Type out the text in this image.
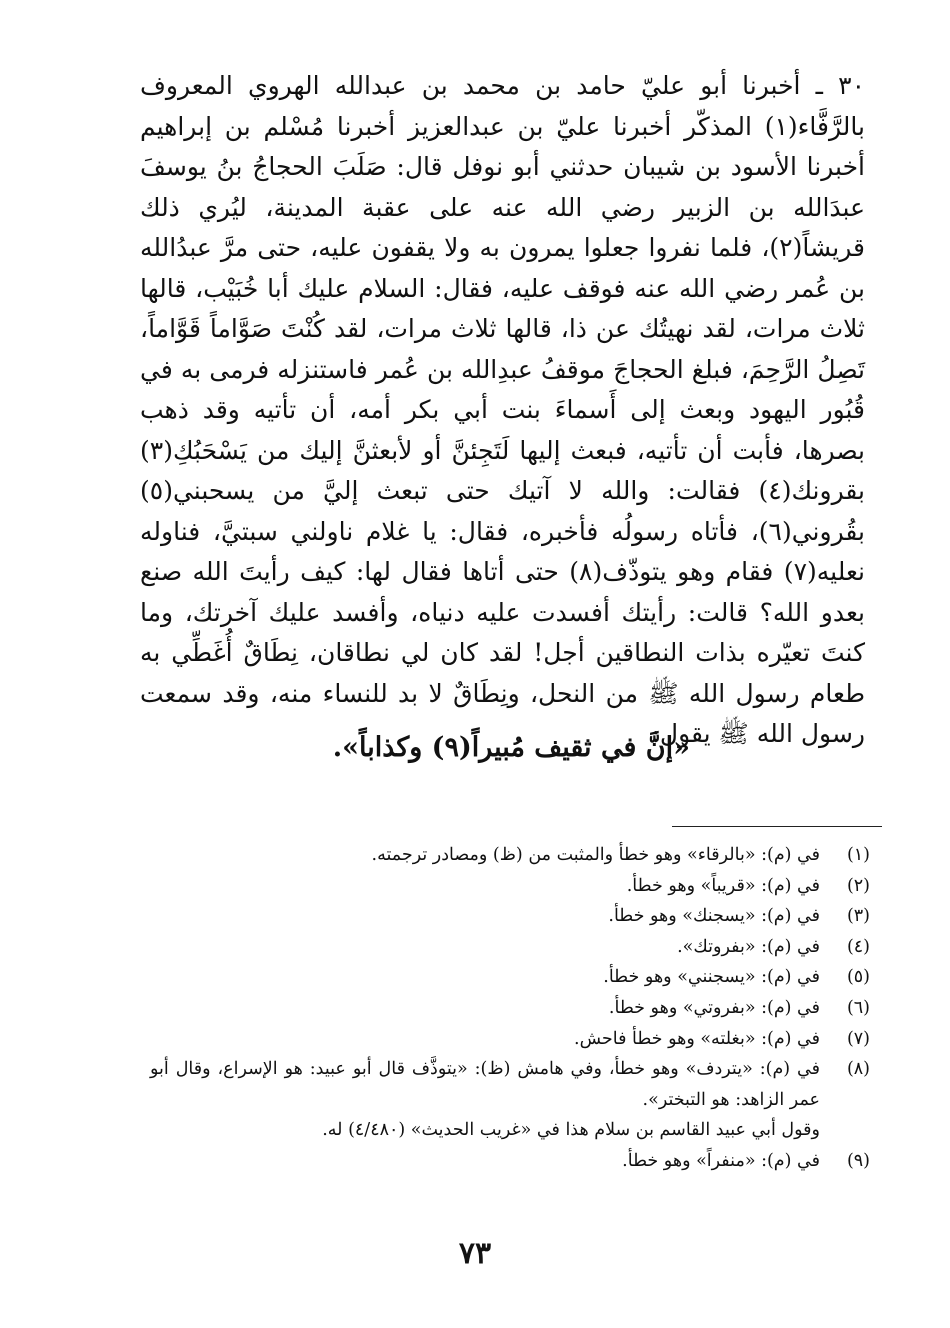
٣٠ ـ أخبرنا أبو عليّ حامد بن محمد بن عبدالله الهروي المعروف بالرَّفَّاء(١) المذكّر أخبرنا عليّ بن عبدالعزيز أخبرنا مُسْلم بن إبراهيم أخبرنا الأسود بن شيبان حدثني أبو نوفل قال: صَلَبَ الحجاجُ بنُ يوسفَ عبدَالله بن الزبير رضي الله عنه على عقبة المدينة، ليُري ذلك قريشاً(٢)، فلما نفروا جعلوا يمرون به ولا يقفون عليه، حتى مرَّ عبدُالله بن عُمر رضي الله عنه فوقف عليه، فقال: السلام عليك أبا خُبَيْب، قالها ثلاث مرات، لقد نهيتُك عن ذا، قالها ثلاث مرات، لقد كُنْتَ صَوَّاماً قَوَّاماً، تَصِلُ الرَّحِمَ، فبلغ الحجاجَ موقفُ عبدِالله بن عُمر فاستنزله فرمى به في قُبُور اليهود وبعث إلى أَسماءَ بنت أبي بكر أمه، أن تأتيه وقد ذهب بصرها، فأبت أن تأتيه، فبعث إليها لَتَجِئنَّ أو لأبعثنَّ إليك من يَسْحَبُكِ(٣) بقرونك(٤) فقالت: والله لا آتيك حتى تبعث إليَّ من يسحبني(٥) بقُروني(٦)، فأتاه رسولُه فأخبره، فقال: يا غلام ناولني سبتيَّ، فناوله نعليه(٧) فقام وهو يتوذّف(٨) حتى أتاها فقال لها: كيف رأيتَ الله صنع بعدو الله؟ قالت: رأيتك أفسدت عليه دنياه، وأفسد عليك آخرتك، وما كنتَ تعيّره بذات النطاقين أجل! لقد كان لي نطاقان، نِطَاقٌ أُغَطِّي به طعام رسول الله ﷺ من النحل، ونِطَاقٌ لا بد للنساء منه، وقد سمعت رسول الله ﷺ يقول:

«إنَّ في ثقيف مُبيراً(٩) وكذاباً».
(١)
في (م): «بالرقاء» وهو خطأ والمثبت من (ظ) ومصادر ترجمته.
(٢)
في (م): «قريباً» وهو خطأ.
(٣)
في (م): «يسجنك» وهو خطأ.
(٤)
في (م): «بفروتك».
(٥)
في (م): «يسجنني» وهو خطأ.
(٦)
في (م): «بفروتي» وهو خطأ.
(٧)
في (م): «بغلته» وهو خطأ فاحش.
(٨)
في (م): «يتردف» وهو خطأ، وفي هامش (ظ): «يتوذَّف قال أبو عبيد: هو الإسراع، وقال أبو عمر الزاهد: هو التبختر».
وقول أبي عبيد القاسم بن سلام هذا في «غريب الحديث» (٤/٤٨٠) له.
(٩)
في (م): «منفراً» وهو خطأ.
٧٣
